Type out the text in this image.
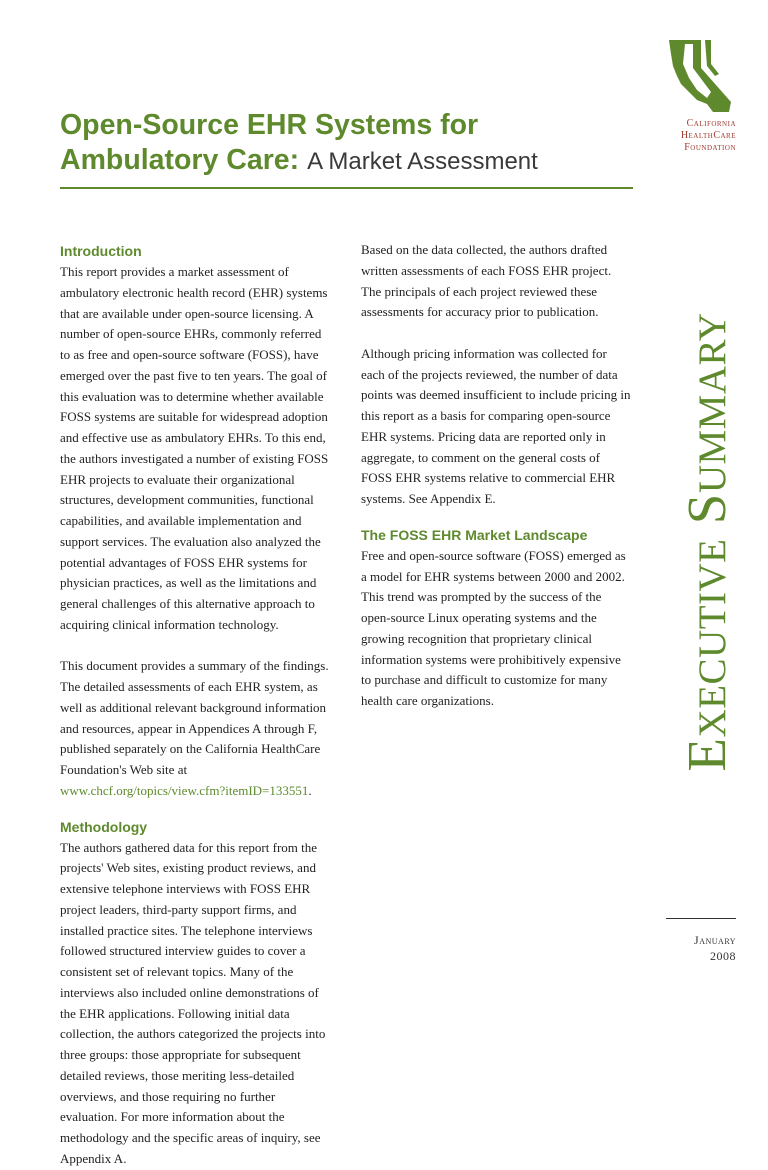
Open-Source EHR Systems for Ambulatory Care: A Market Assessment
Introduction

This report provides a market assessment of ambulatory electronic health record (EHR) systems that are available under open-source licensing. A number of open-source EHRs, commonly referred to as free and open-source software (FOSS), have emerged over the past five to ten years. The goal of this evaluation was to determine whether available FOSS systems are suitable for widespread adoption and effective use as ambulatory EHRs. To this end, the authors investigated a number of existing FOSS EHR projects to evaluate their organizational structures, development communities, functional capabilities, and available implementation and support services. The evaluation also analyzed the potential advantages of FOSS EHR systems for physician practices, as well as the limitations and general challenges of this alternative approach to acquiring clinical information technology.

This document provides a summary of the findings. The detailed assessments of each EHR system, as well as additional relevant background information and resources, appear in Appendices A through F, published separately on the California HealthCare Foundation's Web site at www.chcf.org/topics/view.cfm?itemID=133551.

Methodology

The authors gathered data for this report from the projects' Web sites, existing product reviews, and extensive telephone interviews with FOSS EHR project leaders, third-party support firms, and installed practice sites. The telephone interviews followed structured interview guides to cover a consistent set of relevant topics. Many of the interviews also included online demonstrations of the EHR applications. Following initial data collection, the authors categorized the projects into three groups: those appropriate for subsequent detailed reviews, those meriting less-detailed overviews, and those requiring no further evaluation. For more information about the methodology and the specific areas of inquiry, see Appendix A.

Based on the data collected, the authors drafted written assessments of each FOSS EHR project. The principals of each project reviewed these assessments for accuracy prior to publication.

Although pricing information was collected for each of the projects reviewed, the number of data points was deemed insufficient to include pricing in this report as a basis for comparing open-source EHR systems. Pricing data are reported only in aggregate, to comment on the general costs of FOSS EHR systems relative to commercial EHR systems. See Appendix E.

The FOSS EHR Market Landscape

Free and open-source software (FOSS) emerged as a model for EHR systems between 2000 and 2002. This trend was prompted by the success of the open-source Linux operating systems and the growing recognition that proprietary clinical information systems were prohibitively expensive to purchase and difficult to customize for many health care organizations.

California
HealthCare
Foundation
Executive Summary
January
2008
